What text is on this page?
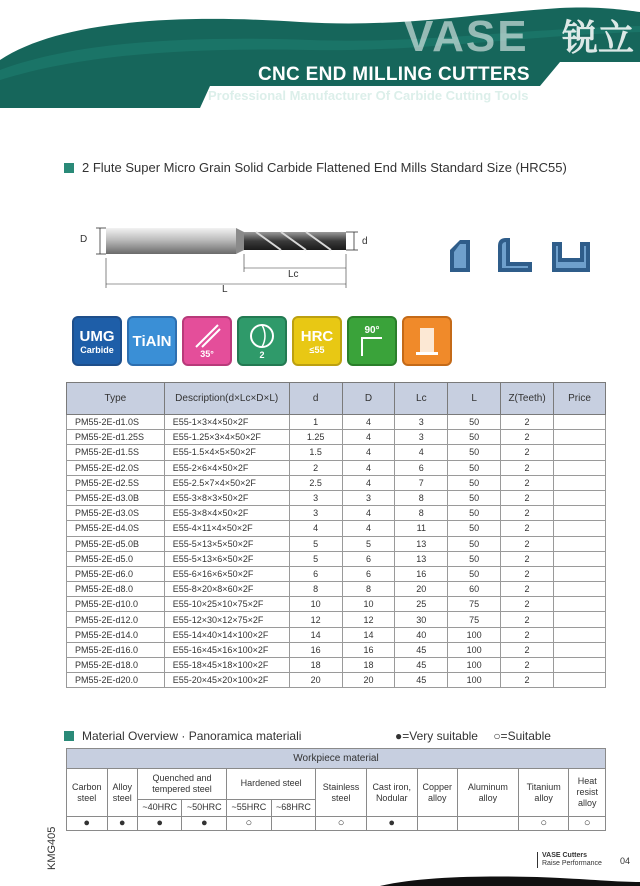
VASE 锐立
CNC END MILLING CUTTERS
Professional Manufacturer Of Carbide Cutting Tools
2 Flute Super Micro Grain Solid Carbide Flattened End Mills Standard Size (HRC55)
D	d
Lc
L
UMG
Carbide TiAlN
35°	2
HRC
≤55
90°
Type	Description(d×Lc×D×L)	d	D	Lc	L	Z(Teeth)	Price
PM55-2E-d1.0S	E55-1×3×4×50×2F	1	4	3	50	2	
PM55-2E-d1.25S	E55-1.25×3×4×50×2F	1.25	4	3	50	2	
PM55-2E-d1.5S	E55-1.5×4×5×50×2F	1.5	4	4	50	2	
PM55-2E-d2.0S	E55-2×6×4×50×2F	2	4	6	50	2	
PM55-2E-d2.5S	E55-2.5×7×4×50×2F	2.5	4	7	50	2	
PM55-2E-d3.0B	E55-3×8×3×50×2F	3	3	8	50	2	
PM55-2E-d3.0S	E55-3×8×4×50×2F	3	4	8	50	2	
PM55-2E-d4.0S	E55-4×11×4×50×2F	4	4	11	50	2	
PM55-2E-d5.0B	E55-5×13×5×50×2F	5	5	13	50	2	
PM55-2E-d5.0	E55-5×13×6×50×2F	5	6	13	50	2	
PM55-2E-d6.0	E55-6×16×6×50×2F	6	6	16	50	2	
PM55-2E-d8.0	E55-8×20×8×60×2F	8	8	20	60	2	
PM55-2E-d10.0	E55-10×25×10×75×2F	10	10	25	75	2	
PM55-2E-d12.0	E55-12×30×12×75×2F	12	12	30	75	2	
PM55-2E-d14.0	E55-14×40×14×100×2F	14	14	40	100	2	
PM55-2E-d16.0	E55-16×45×16×100×2F	16	16	45	100	2	
PM55-2E-d18.0	E55-18×45×18×100×2F	18	18	45	100	2	
PM55-2E-d20.0	E55-20×45×20×100×2F	20	20	45	100	2	
Material Overview · Panoramica materiali	●=Very suitable ○=Suitable
KMG405
Workpiece material											
Carbon steel	Alloy steel	Quenched and tempered steel		Hardened steel		Stainless steel	Cast iron, Nodular	Copper alloy	Aluminum alloy	Titanium alloy	Heat resist alloy
		~40HRC	~50HRC	~55HRC	~68HRC						
●	●	●	●	○		○	●			○	○
VASE Cutters
Raise Performance 04
